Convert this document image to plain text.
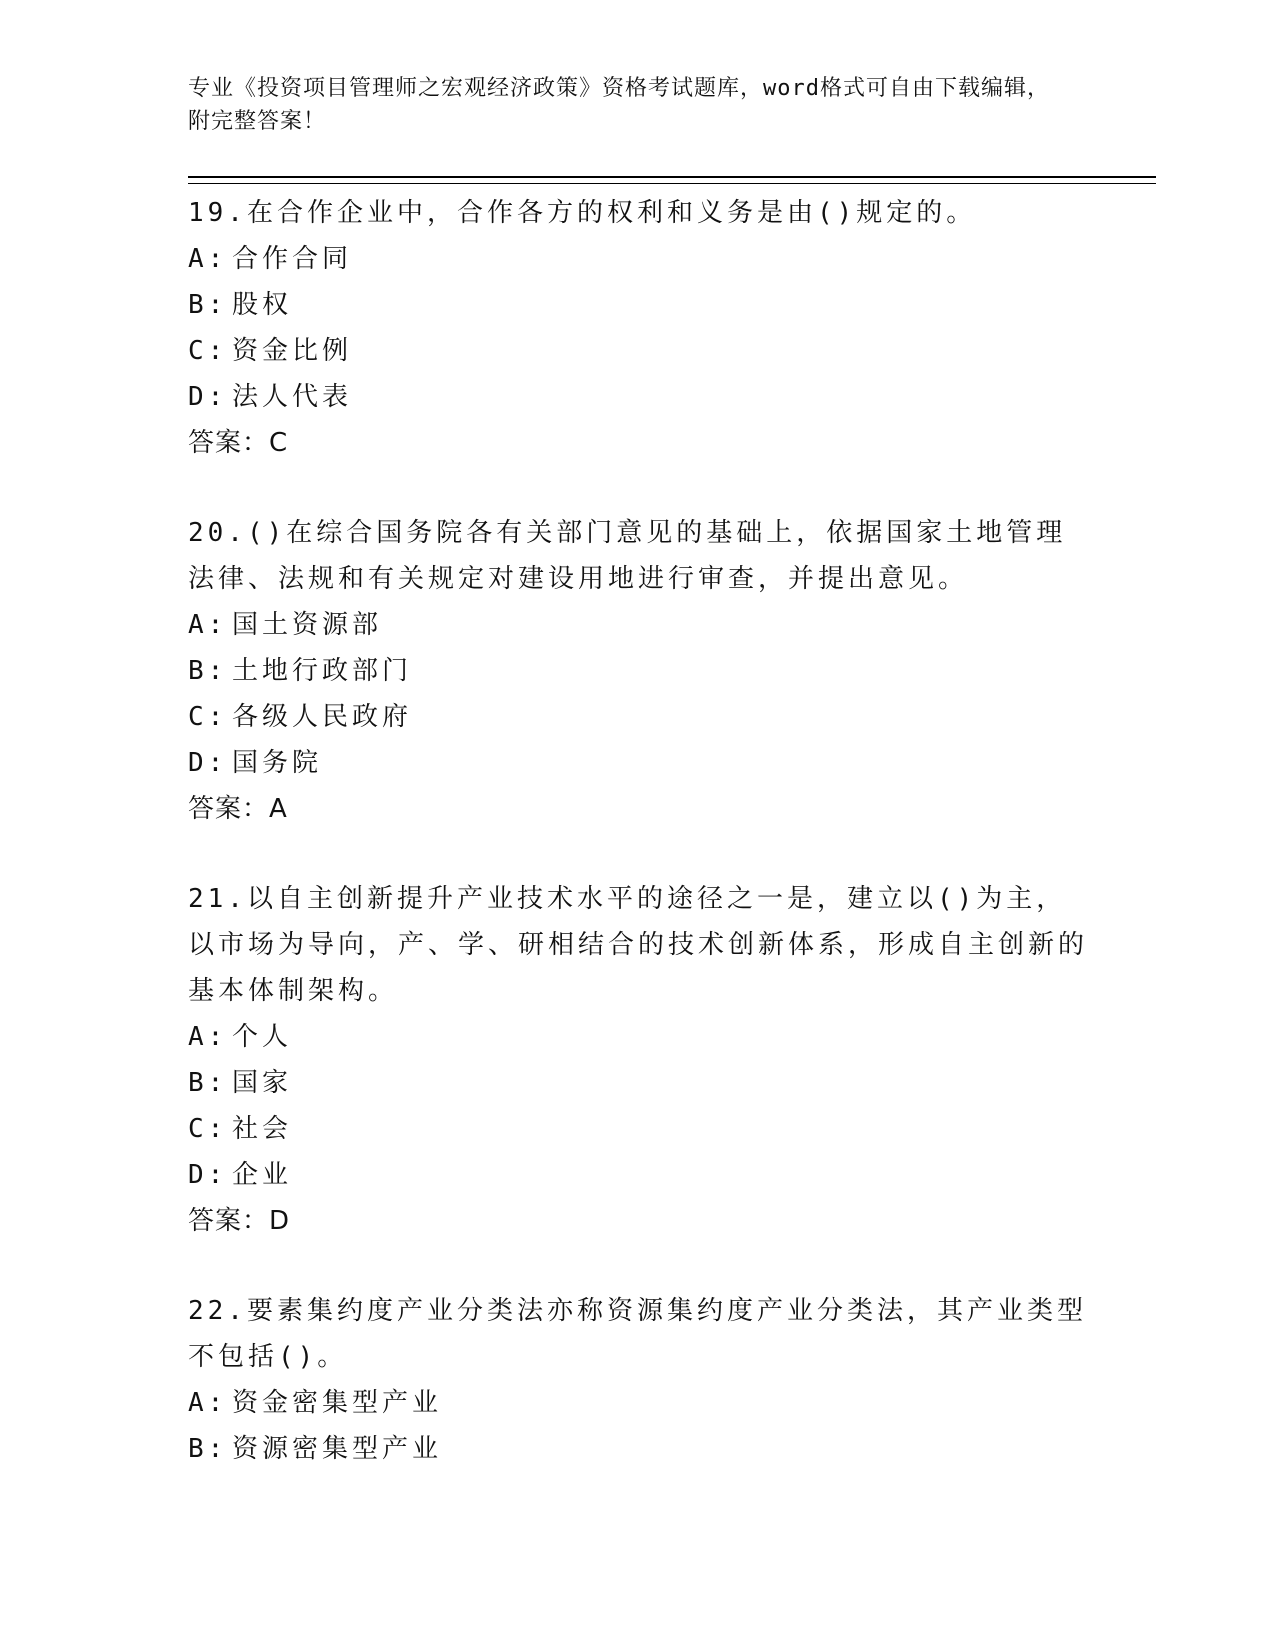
专业《投资项目管理师之宏观经济政策》资格考试题库，word格式可自由下载编辑，附完整答案！
19.在合作企业中，合作各方的权利和义务是由()规定的。
A: 合作合同
B: 股权
C: 资金比例
D: 法人代表
答案：C
20.()在综合国务院各有关部门意见的基础上，依据国家土地管理法律、法规和有关规定对建设用地进行审查，并提出意见。
A: 国土资源部
B: 土地行政部门
C: 各级人民政府
D: 国务院
答案：A
21.以自主创新提升产业技术水平的途径之一是，建立以()为主，以市场为导向，产、学、研相结合的技术创新体系，形成自主创新的基本体制架构。
A: 个人
B: 国家
C: 社会
D: 企业
答案：D
22.要素集约度产业分类法亦称资源集约度产业分类法，其产业类型不包括()。
A: 资金密集型产业
B: 资源密集型产业
